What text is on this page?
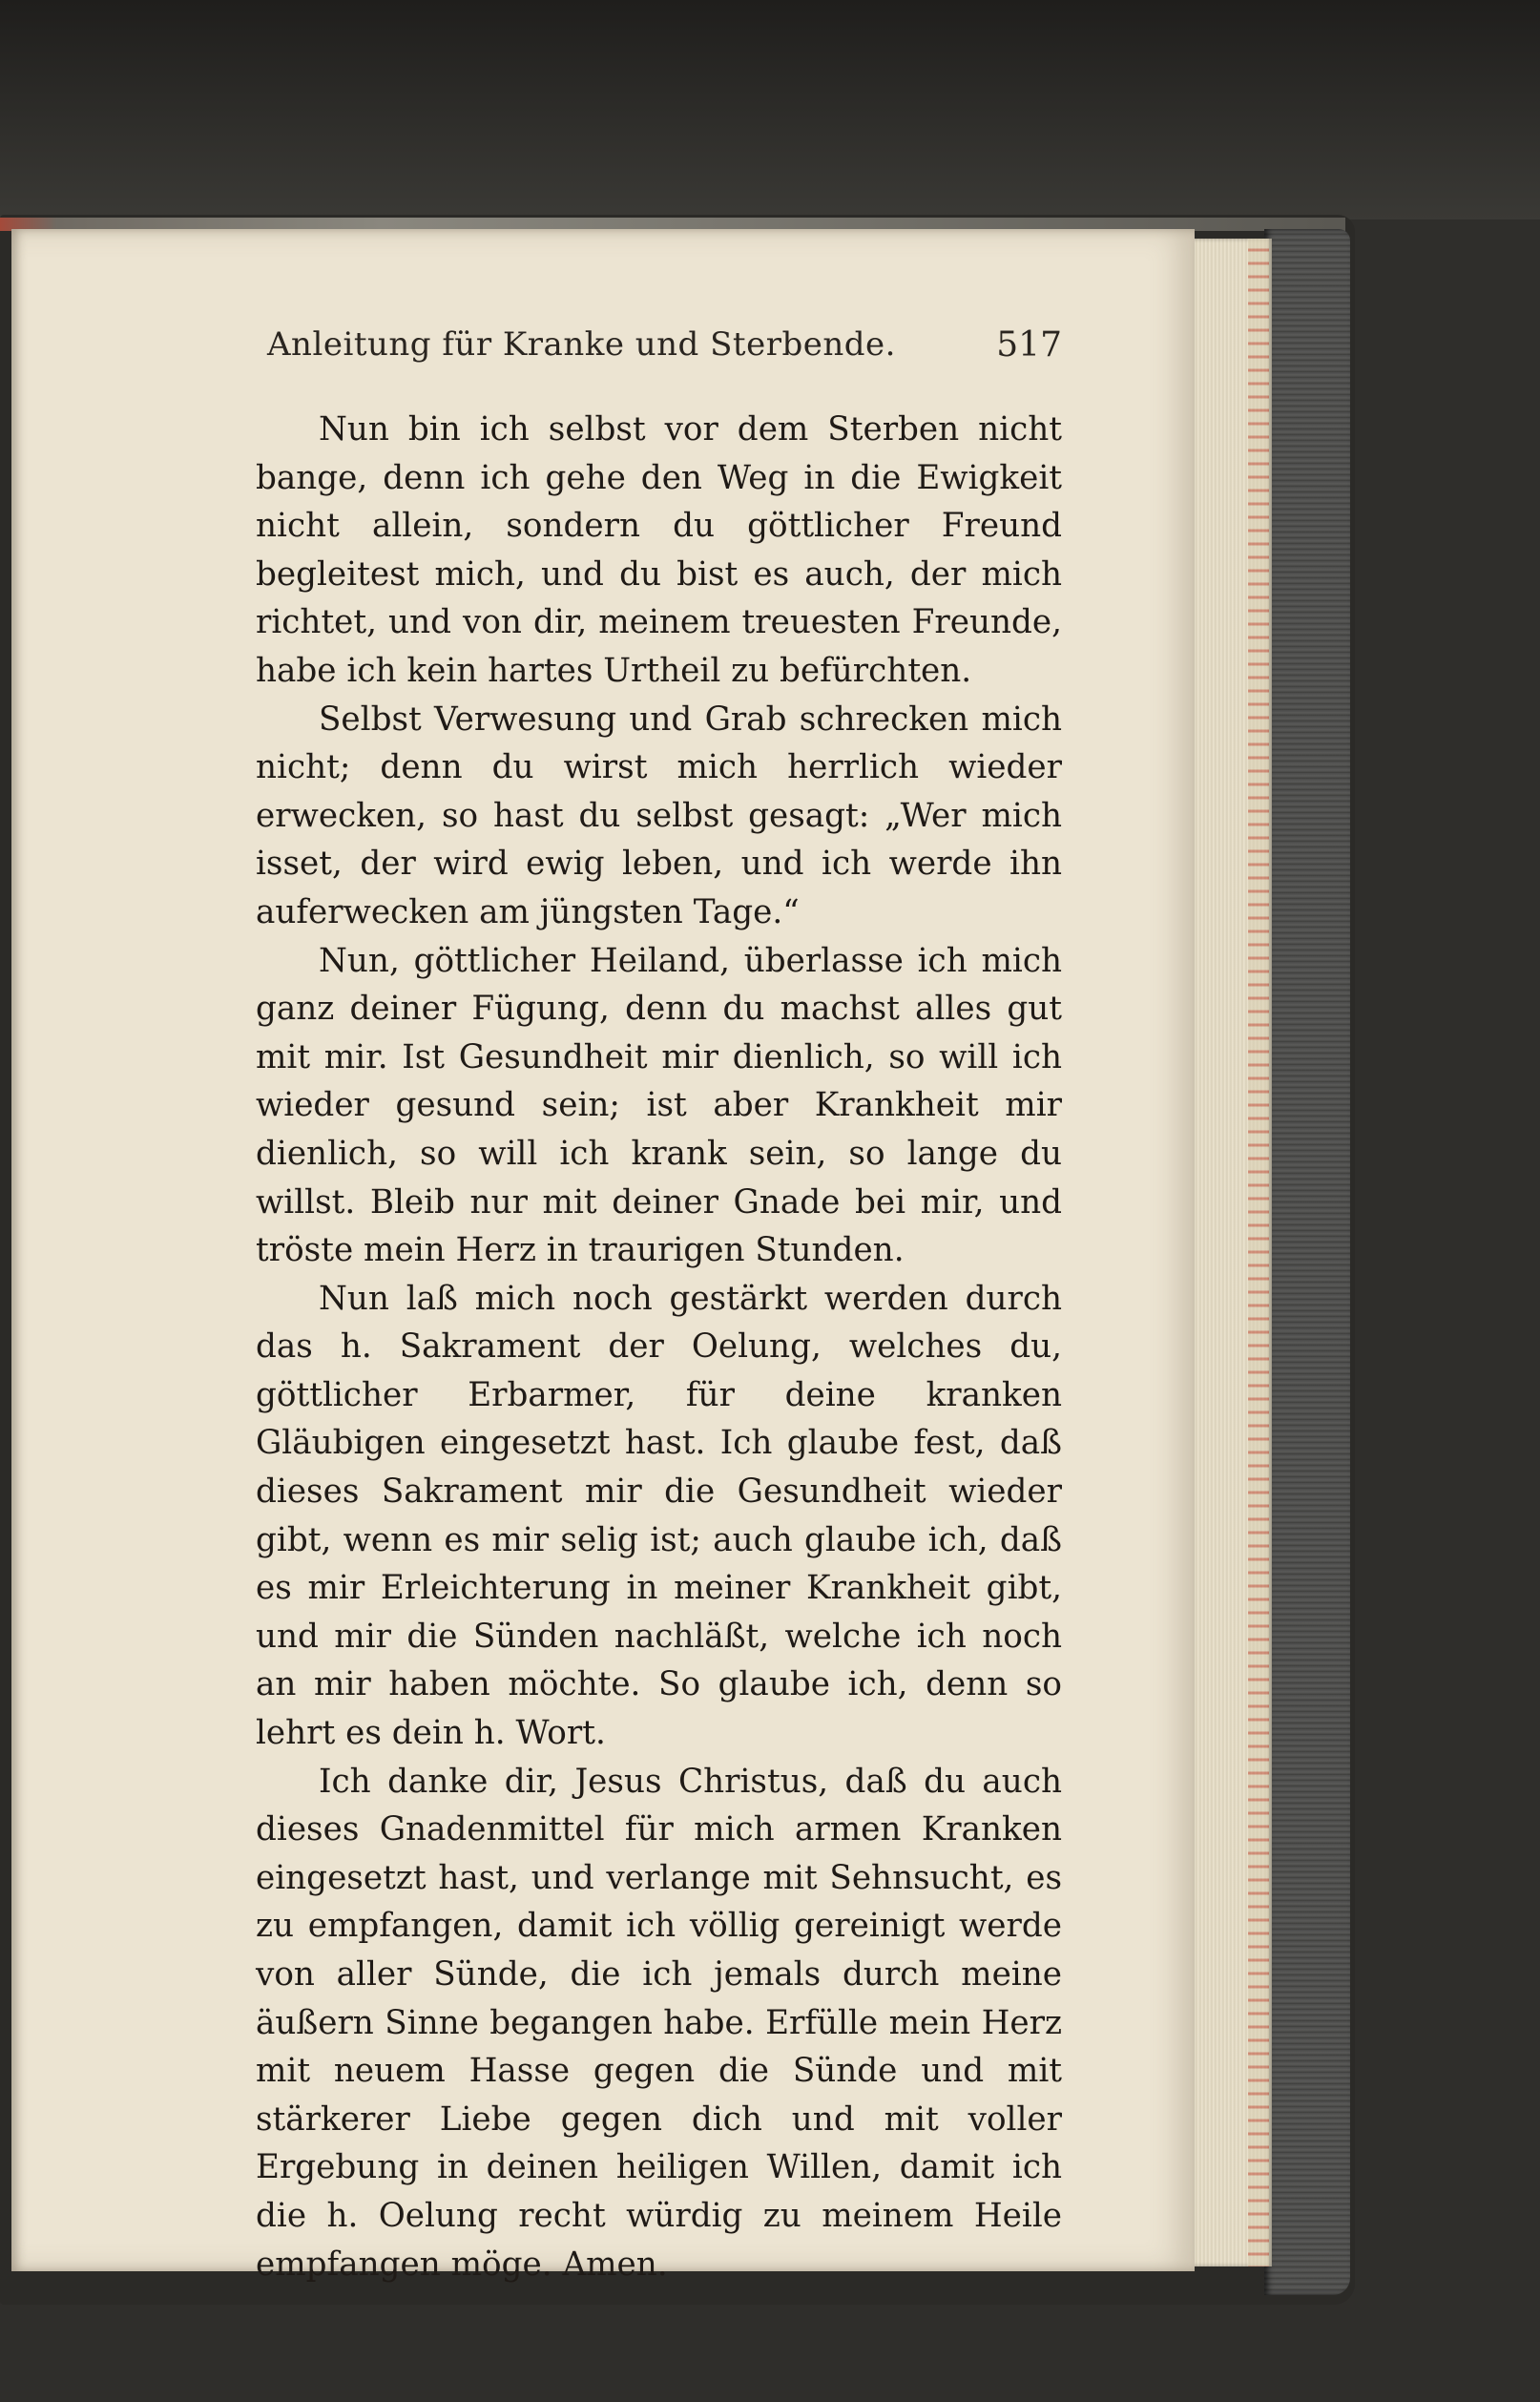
Anleitung für Kranke und Sterbende.	517

Nun bin ich selbst vor dem Sterben nicht bange, denn ich gehe den Weg in die Ewigkeit nicht allein, sondern du göttlicher Freund begleitest mich, und du bist es auch, der mich richtet, und von dir, meinem treuesten Freunde, habe ich kein hartes Urtheil zu befürchten.

Selbst Verwesung und Grab schrecken mich nicht; denn du wirst mich herrlich wieder erwecken, so hast du selbst gesagt: „Wer mich isset, der wird ewig leben, und ich werde ihn auferwecken am jüngsten Tage.“

Nun, göttlicher Heiland, überlasse ich mich ganz deiner Fügung, denn du machst alles gut mit mir. Ist Gesundheit mir dienlich, so will ich wieder gesund sein; ist aber Krankheit mir dienlich, so will ich krank sein, so lange du willst. Bleib nur mit deiner Gnade bei mir, und tröste mein Herz in traurigen Stunden.

Nun laß mich noch gestärkt werden durch das h. Sakrament der Oelung, welches du, göttlicher Erbarmer, für deine kranken Gläubigen eingesetzt hast. Ich glaube fest, daß dieses Sakrament mir die Gesundheit wieder gibt, wenn es mir selig ist; auch glaube ich, daß es mir Erleichterung in meiner Krankheit gibt, und mir die Sünden nachläßt, welche ich noch an mir haben möchte. So glaube ich, denn so lehrt es dein h. Wort.

Ich danke dir, Jesus Christus, daß du auch dieses Gnadenmittel für mich armen Kranken eingesetzt hast, und verlange mit Sehnsucht, es zu empfangen, damit ich völlig gereinigt werde von aller Sünde, die ich jemals durch meine äußern Sinne begangen habe. Erfülle mein Herz mit neuem Hasse gegen die Sünde und mit stärkerer Liebe gegen dich und mit voller Ergebung in deinen heiligen Willen, damit ich die h. Oelung recht würdig zu meinem Heile empfangen möge. Amen.
